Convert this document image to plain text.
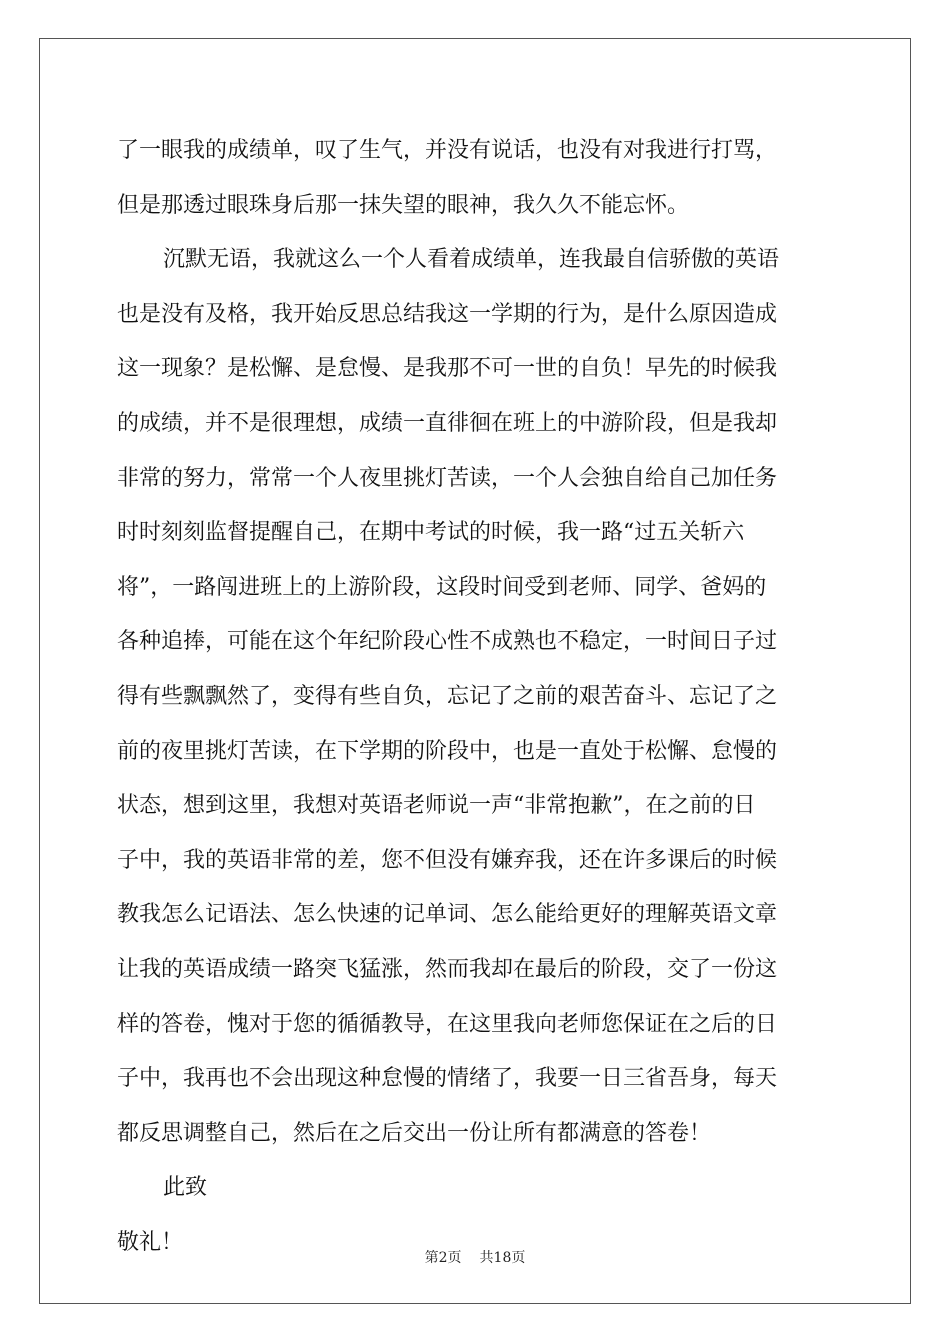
了一眼我的成绩单，叹了生气，并没有说话，也没有对我进行打骂，
但是那透过眼珠身后那一抹失望的眼神，我久久不能忘怀。
沉默无语，我就这么一个人看着成绩单，连我最自信骄傲的英语
也是没有及格，我开始反思总结我这一学期的行为，是什么原因造成
这一现象？是松懈、是怠慢、是我那不可一世的自负！早先的时候我
的成绩，并不是很理想，成绩一直徘徊在班上的中游阶段，但是我却
非常的努力，常常一个人夜里挑灯苦读，一个人会独自给自己加任务
时时刻刻监督提醒自己，在期中考试的时候，我一路“过五关斩六
将”，一路闯进班上的上游阶段，这段时间受到老师、同学、爸妈的
各种追捧，可能在这个年纪阶段心性不成熟也不稳定，一时间日子过
得有些飘飘然了，变得有些自负，忘记了之前的艰苦奋斗、忘记了之
前的夜里挑灯苦读，在下学期的阶段中，也是一直处于松懈、怠慢的
状态，想到这里，我想对英语老师说一声“非常抱歉”，在之前的日
子中，我的英语非常的差，您不但没有嫌弃我，还在许多课后的时候
教我怎么记语法、怎么快速的记单词、怎么能给更好的理解英语文章
让我的英语成绩一路突飞猛涨，然而我却在最后的阶段，交了一份这
样的答卷，愧对于您的循循教导，在这里我向老师您保证在之后的日
子中，我再也不会出现这种怠慢的情绪了，我要一日三省吾身，每天
都反思调整自己，然后在之后交出一份让所有都满意的答卷！
此致
敬礼！
第2页 共18页
